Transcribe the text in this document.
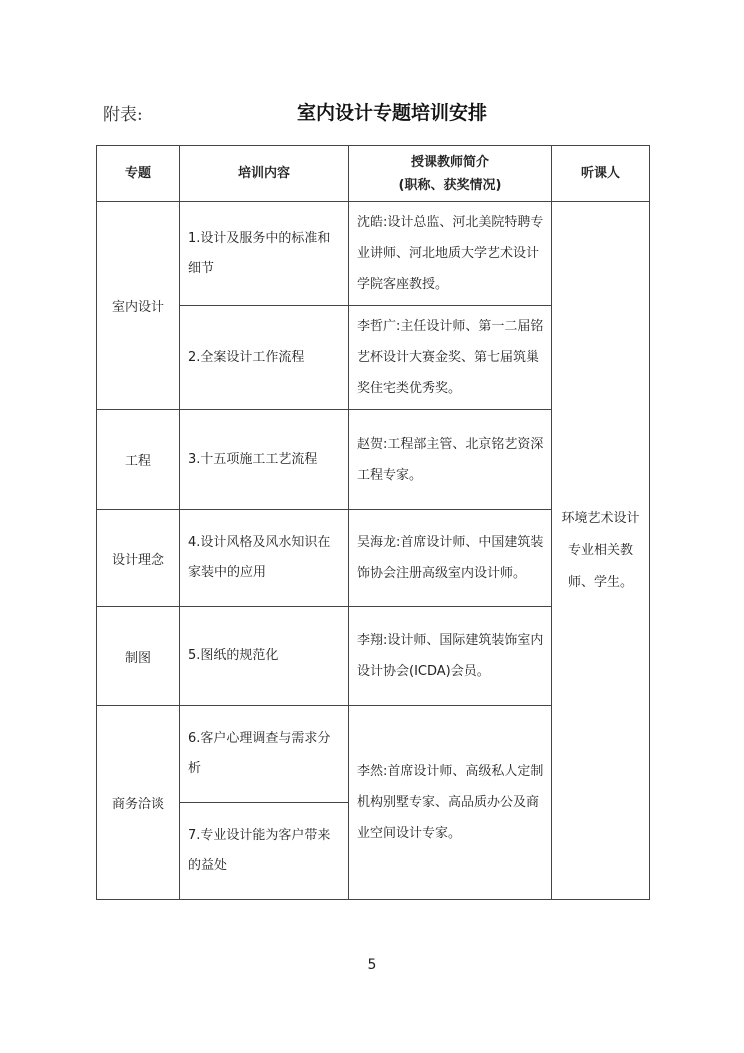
附表:	室内设计专题培训安排
专题	培训内容	授课教师简介
(职称、获奖情况)	听课人
室内设计	1.设计及服务中的标准和细节	沈皓:设计总监、河北美院特聘专业讲师、河北地质大学艺术设计学院客座教授。	环境艺术设计专业相关教师、学生。
	2.全案设计工作流程	李哲广:主任设计师、第一二届铭艺杯设计大赛金奖、第七届筑巢奖住宅类优秀奖。	
工程	3.十五项施工工艺流程	赵贺:工程部主管、北京铭艺资深工程专家。	
设计理念	4.设计风格及风水知识在家装中的应用	吴海龙:首席设计师、中国建筑装饰协会注册高级室内设计师。	
制图	5.图纸的规范化	李翔:设计师、国际建筑装饰室内设计协会(ICDA)会员。	
商务洽谈	6.客户心理调查与需求分析	李然:首席设计师、高级私人定制机构别墅专家、高品质办公及商业空间设计专家。	
	7.专业设计能为客户带来的益处		
5
